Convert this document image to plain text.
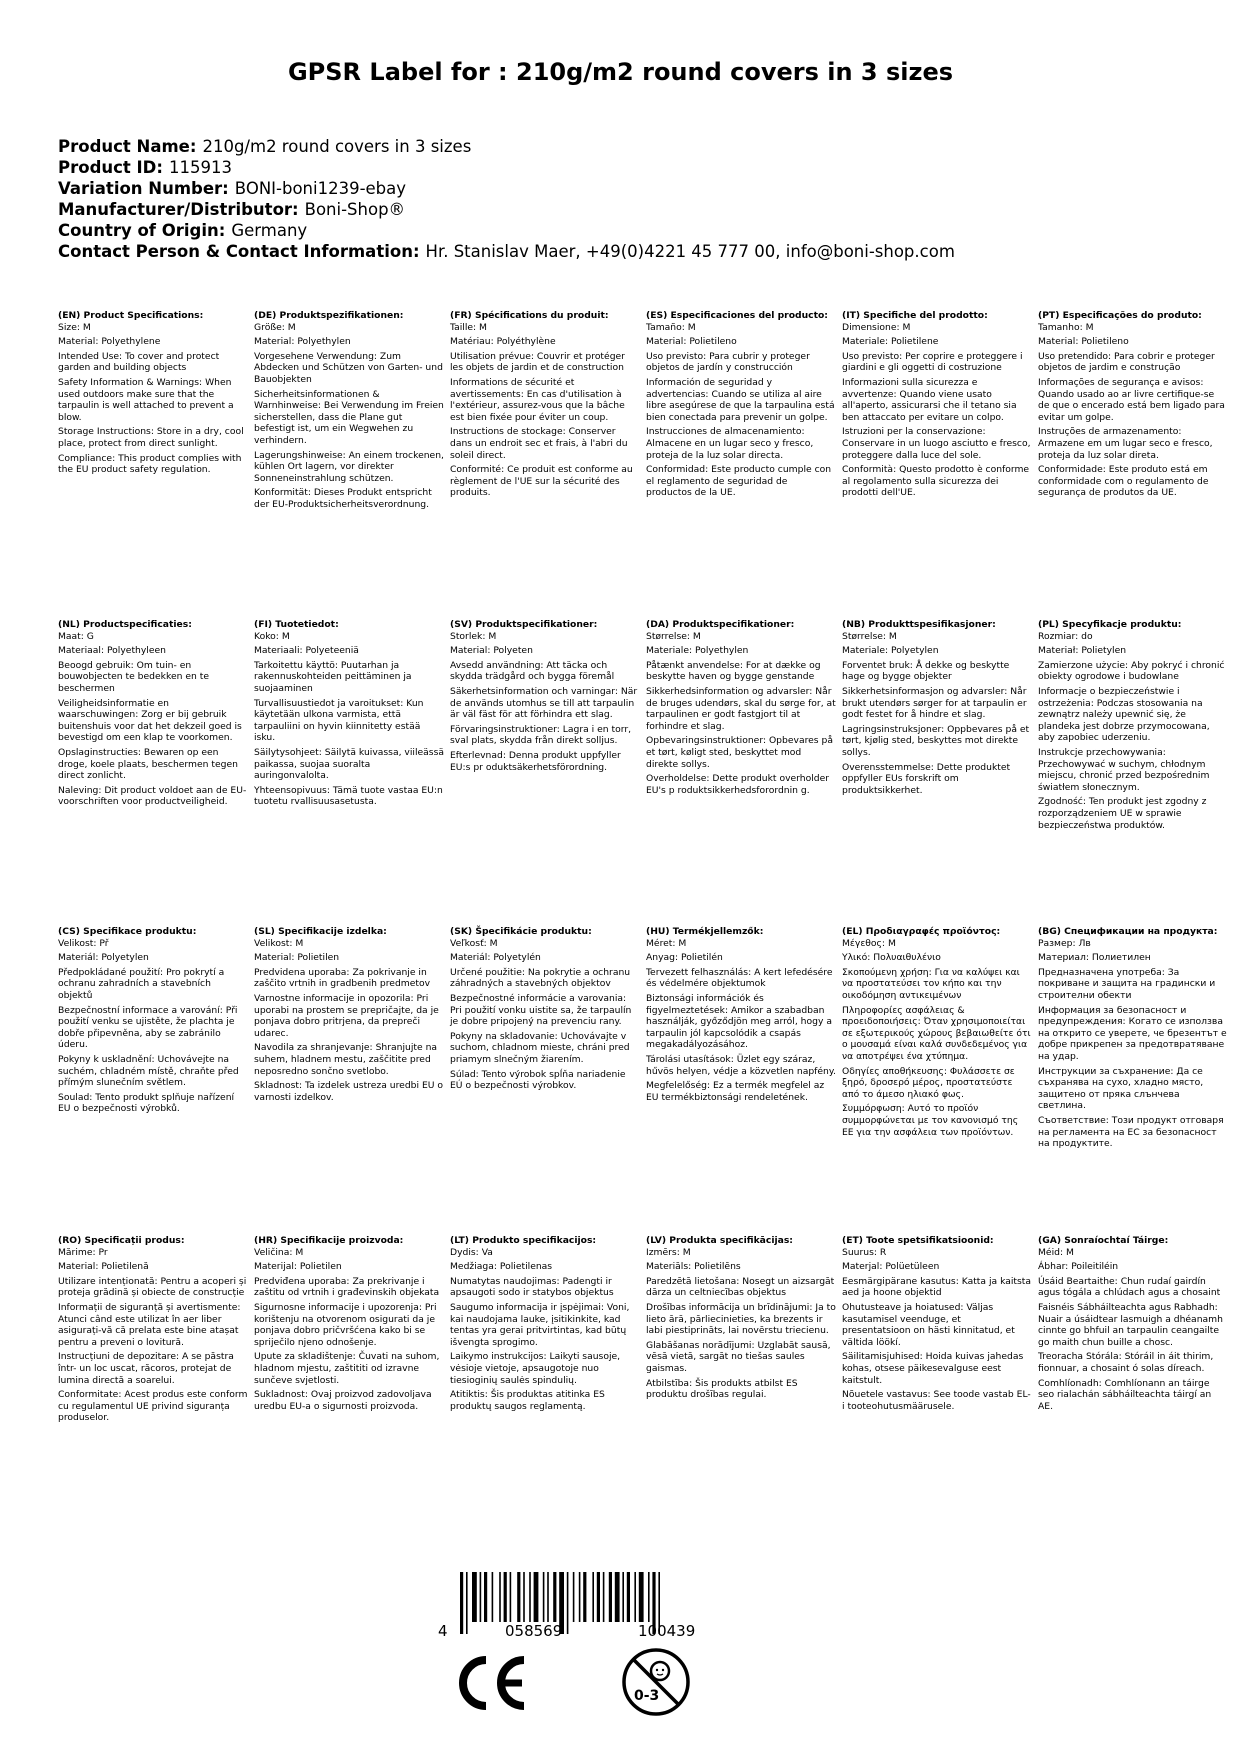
GPSR Label for : 210g/m2 round covers in 3 sizes
Product Name: 210g/m2 round covers in 3 sizes
Product ID: 115913
Variation Number: BONI-boni1239-ebay
Manufacturer/Distributor: Boni-Shop®
Country of Origin: Germany
Contact Person & Contact Information: Hr. Stanislav Maer, +49(0)4221 45 777 00, info@boni-shop.com
(EN) Product Specifications:

Size: M

Material: Polyethylene

Intended Use: To cover and protect garden and building objects

Safety Information & Warnings: When used outdoors make sure that the tarpaulin is well attached to prevent a blow.

Storage Instructions: Store in a dry, cool place, protect from direct sunlight.

Compliance: This product complies with the EU product safety regulation.

(DE) Produktspezifikationen:

Größe: M

Material: Polyethylen

Vorgesehene Verwendung: Zum Abdecken und Schützen von Garten- und Bauobjekten

Sicherheitsinformationen & Warnhinweise: Bei Verwendung im Freien sicherstellen, dass die Plane gut befestigt ist, um ein Wegwehen zu verhindern.

Lagerungshinweise: An einem trockenen, kühlen Ort lagern, vor direkter Sonneneinstrahlung schützen.

Konformität: Dieses Produkt entspricht der EU-Produktsicherheitsverordnung.

(FR) Spécifications du produit:

Taille: M

Matériau: Polyéthylène

Utilisation prévue: Couvrir et protéger les objets de jardin et de construction

Informations de sécurité et avertissements: En cas d'utilisation à l'extérieur, assurez-vous que la bâche est bien fixée pour éviter un coup.

Instructions de stockage: Conserver dans un endroit sec et frais, à l'abri du soleil direct.

Conformité: Ce produit est conforme au règlement de l'UE sur la sécurité des produits.

(ES) Especificaciones del producto:

Tamaño: M

Material: Polietileno

Uso previsto: Para cubrir y proteger objetos de jardín y construcción

Información de seguridad y advertencias: Cuando se utiliza al aire libre asegúrese de que la tarpaulina está bien conectada para prevenir un golpe.

Instrucciones de almacenamiento: Almacene en un lugar seco y fresco, proteja de la luz solar directa.

Conformidad: Este producto cumple con el reglamento de seguridad de productos de la UE.

(IT) Specifiche del prodotto:

Dimensione: M

Materiale: Polietilene

Uso previsto: Per coprire e proteggere i giardini e gli oggetti di costruzione

Informazioni sulla sicurezza e avvertenze: Quando viene usato all'aperto, assicurarsi che il tetano sia ben attaccato per evitare un colpo.

Istruzioni per la conservazione: Conservare in un luogo asciutto e fresco, proteggere dalla luce del sole.

Conformità: Questo prodotto è conforme al regolamento sulla sicurezza dei prodotti dell'UE.

(PT) Especificações do produto:

Tamanho: M

Material: Polietileno

Uso pretendido: Para cobrir e proteger objetos de jardim e construção

Informações de segurança e avisos: Quando usado ao ar livre certifique-se de que o encerado está bem ligado para evitar um golpe.

Instruções de armazenamento: Armazene em um lugar seco e fresco, proteja da luz solar direta.

Conformidade: Este produto está em conformidade com o regulamento de segurança de produtos da UE.

(NL) Productspecificaties:

Maat: G

Materiaal: Polyethyleen

Beoogd gebruik: Om tuin- en bouwobjecten te bedekken en te beschermen

Veiligheidsinformatie en waarschuwingen: Zorg er bij gebruik buitenshuis voor dat het dekzeil goed is bevestigd om een klap te voorkomen.

Opslaginstructies: Bewaren op een droge, koele plaats, beschermen tegen direct zonlicht.

Naleving: Dit product voldoet aan de EU-voorschriften voor productveiligheid.

(FI) Tuotetiedot:

Koko: M

Materiaali: Polyeteeniä

Tarkoitettu käyttö: Puutarhan ja rakennuskohteiden peittäminen ja suojaaminen

Turvallisuustiedot ja varoitukset: Kun käytetään ulkona varmista, että tarpauliini on hyvin kiinnitetty estää isku.

Säilytysohjeet: Säilytä kuivassa, viileässä paikassa, suojaa suoralta auringonvalolta.

Yhteensopivuus: Tämä tuote vastaa EU:n tuotetu rvallisuusasetusta.

(SV) Produktspecifikationer:

Storlek: M

Material: Polyeten

Avsedd användning: Att täcka och skydda trädgård och bygga föremål

Säkerhetsinformation och varningar: När de används utomhus se till att tarpaulin är väl fäst för att förhindra ett slag.

Förvaringsinstruktioner: Lagra i en torr, sval plats, skydda från direkt solljus.

Efterlevnad: Denna produkt uppfyller EU:s pr oduktsäkerhetsförordning.

(DA) Produktspecifikationer:

Størrelse: M

Materiale: Polyethylen

Påtænkt anvendelse: For at dække og beskytte haven og bygge genstande

Sikkerhedsinformation og advarsler: Når de bruges udendørs, skal du sørge for, at tarpaulinen er godt fastgjort til at forhindre et slag.

Opbevaringsinstruktioner: Opbevares på et tørt, køligt sted, beskyttet mod direkte sollys.

Overholdelse: Dette produkt overholder EU's p roduktsikkerhedsforordnin g.

(NB) Produkttspesifikasjoner:

Størrelse: M

Materiale: Polyetylen

Forventet bruk: Å dekke og beskytte hage og bygge objekter

Sikkerhetsinformasjon og advarsler: Når brukt utendørs sørger for at tarpaulin er godt festet for å hindre et slag.

Lagringsinstruksjoner: Oppbevares på et tørt, kjølig sted, beskyttes mot direkte sollys.

Overensstemmelse: Dette produktet oppfyller EUs forskrift om produktsikkerhet.

(PL) Specyfikacje produktu:

Rozmiar: do

Materiał: Polietylen

Zamierzone użycie: Aby pokryć i chronić obiekty ogrodowe i budowlane

Informacje o bezpieczeństwie i ostrzeżenia: Podczas stosowania na zewnątrz należy upewnić się, że plandeka jest dobrze przymocowana, aby zapobiec uderzeniu.

Instrukcje przechowywania: Przechowywać w suchym, chłodnym miejscu, chronić przed bezpośrednim światłem słonecznym.

Zgodność: Ten produkt jest zgodny z rozporządzeniem UE w sprawie bezpieczeństwa produktów.

(CS) Specifikace produktu:

Velikost: Př

Materiál: Polyetylen

Předpokládané použití: Pro pokrytí a ochranu zahradních a stavebních objektů

Bezpečnostní informace a varování: Při použití venku se ujistěte, že plachta je dobře připevněna, aby se zabránilo úderu.

Pokyny k uskladnění: Uchovávejte na suchém, chladném místě, chraňte před přímým slunečním světlem.

Soulad: Tento produkt splňuje nařízení EU o bezpečnosti výrobků.

(SL) Specifikacije izdelka:

Velikost: M

Material: Polietilen

Predvidena uporaba: Za pokrivanje in zaščito vrtnih in gradbenih predmetov

Varnostne informacije in opozorila: Pri uporabi na prostem se prepričajte, da je ponjava dobro pritrjena, da prepreči udarec.

Navodila za shranjevanje: Shranjujte na suhem, hladnem mestu, zaščitite pred neposredno sončno svetlobo.

Skladnost: Ta izdelek ustreza uredbi EU o varnosti izdelkov.

(SK) Špecifikácie produktu:

Veľkosť: M

Materiál: Polyetylén

Určené použitie: Na pokrytie a ochranu záhradných a stavebných objektov

Bezpečnostné informácie a varovania: Pri použití vonku uistite sa, že tarpaulín je dobre pripojený na prevenciu rany.

Pokyny na skladovanie: Uchovávajte v suchom, chladnom mieste, chráni pred priamym slnečným žiarením.

Súlad: Tento výrobok spĺňa nariadenie EÚ o bezpečnosti výrobkov.

(HU) Termékjellemzők:

Méret: M

Anyag: Polietilén

Tervezett felhasználás: A kert lefedésére és védelmére objektumok

Biztonsági információk és figyelmeztetések: Amikor a szabadban használják, győződjön meg arról, hogy a tarpaulin jól kapcsolódik a csapás megakadályozásához.

Tárolási utasítások: Üzlet egy száraz, hűvös helyen, védje a közvetlen napfény.

Megfelelőség: Ez a termék megfelel az EU termékbiztonsági rendeletének.

(EL) Προδιαγραφές προϊόντος:

Μέγεθος: M

Υλικό: Πολυαιθυλένιο

Σκοπούμενη χρήση: Για να καλύψει και να προστατεύσει τον κήπο και την οικοδόμηση αντικειμένων

Πληροφορίες ασφάλειας & προειδοποιήσεις: Όταν χρησιμοποιείται σε εξωτερικούς χώρους βεβαιωθείτε ότι ο μουσαμά είναι καλά συνδεδεμένος για να αποτρέψει ένα χτύπημα.

Οδηγίες αποθήκευσης: Φυλάσσετε σε ξηρό, δροσερό μέρος, προστατεύστε από το άμεσο ηλιακό φως.

Συμμόρφωση: Αυτό το προϊόν συμμορφώνεται με τον κανονισμό της ΕΕ για την ασφάλεια των προϊόντων.

(BG) Спецификации на продукта:

Размер: Лв

Материал: Полиетилен

Предназначена употреба: За покриване и защита на градински и строителни обекти

Информация за безопасност и предупреждения: Когато се използва на открито се уверете, че брезентът е добре прикрепен за предотвратяване на удар.

Инструкции за съхранение: Да се съхранява на сухо, хладно място, защитено от пряка слънчева светлина.

Съответствие: Този продукт отговаря на регламента на ЕС за безопасност на продуктите.

(RO) Specificații produs:

Mărime: Pr

Material: Polietilenă

Utilizare intenționată: Pentru a acoperi și proteja grădină și obiecte de construcție

Informații de siguranță și avertismente: Atunci când este utilizat în aer liber asigurați-vă că prelata este bine atașat pentru a preveni o lovitură.

Instrucțiuni de depozitare: A se păstra într- un loc uscat, răcoros, protejat de lumina directă a soarelui.

Conformitate: Acest produs este conform cu regulamentul UE privind siguranța produselor.

(HR) Specifikacije proizvoda:

Veličina: M

Materijal: Polietilen

Predviđena uporaba: Za prekrivanje i zaštitu od vrtnih i građevinskih objekata

Sigurnosne informacije i upozorenja: Pri korištenju na otvorenom osigurati da je ponjava dobro pričvršćena kako bi se spriječilo njeno odnošenje.

Upute za skladištenje: Čuvati na suhom, hladnom mjestu, zaštititi od izravne sunčeve svjetlosti.

Sukladnost: Ovaj proizvod zadovoljava uredbu EU-a o sigurnosti proizvoda.

(LT) Produkto specifikacijos:

Dydis: Va

Medžiaga: Polietilenas

Numatytas naudojimas: Padengti ir apsaugoti sodo ir statybos objektus

Saugumo informacija ir įspėjimai: Voni, kai naudojama lauke, įsitikinkite, kad tentas yra gerai pritvirtintas, kad būtų išvengta sprogimo.

Laikymo instrukcijos: Laikyti sausoje, vėsioje vietoje, apsaugotoje nuo tiesioginių saulės spindulių.

Atitiktis: Šis produktas atitinka ES produktų saugos reglamentą.

(LV) Produkta specifikācijas:

Izmērs: M

Materiāls: Polietilēns

Paredzētā lietošana: Nosegt un aizsargāt dārza un celtniecības objektus

Drošības informācija un brīdinājumi: Ja to lieto ārā, pārliecinieties, ka brezents ir labi piestiprināts, lai novērstu triecienu.

Glabāšanas norādījumi: Uzglabāt sausā, vēsā vietā, sargāt no tiešas saules gaismas.

Atbilstība: Šis produkts atbilst ES produktu drošības regulai.

(ET) Toote spetsifikatsioonid:

Suurus: R

Materjal: Polüetüleen

Eesmärgipärane kasutus: Katta ja kaitsta aed ja hoone objektid

Ohutusteave ja hoiatused: Väljas kasutamisel veenduge, et presentatsioon on hästi kinnitatud, et vältida löökí.

Säilitamisjuhised: Hoida kuivas jahedas kohas, otsese päikesevalguse eest kaitstult.

Nõuetele vastavus: See toode vastab EL-i tooteohutusmäärusele.

(GA) Sonraíochtaí Táirge:

Méid: M

Ábhar: Poileitiléin

Úsáid Beartaithe: Chun rudaí gairdín agus tógála a chlúdach agus a chosaint

Faisnéis Sábháilteachta agus Rabhadh: Nuair a úsáidtear lasmuigh a dhéanamh cinnte go bhfuil an tarpaulin ceangailte go maith chun buille a chosc.

Treoracha Stórála: Stóráil in áit thirim, fionnuar, a chosaint ó solas díreach.

Comhlíonadh: Comhlíonann an táirge seo rialachán sábháilteachta táirgí an AE.

4	058569	100439
0-3
